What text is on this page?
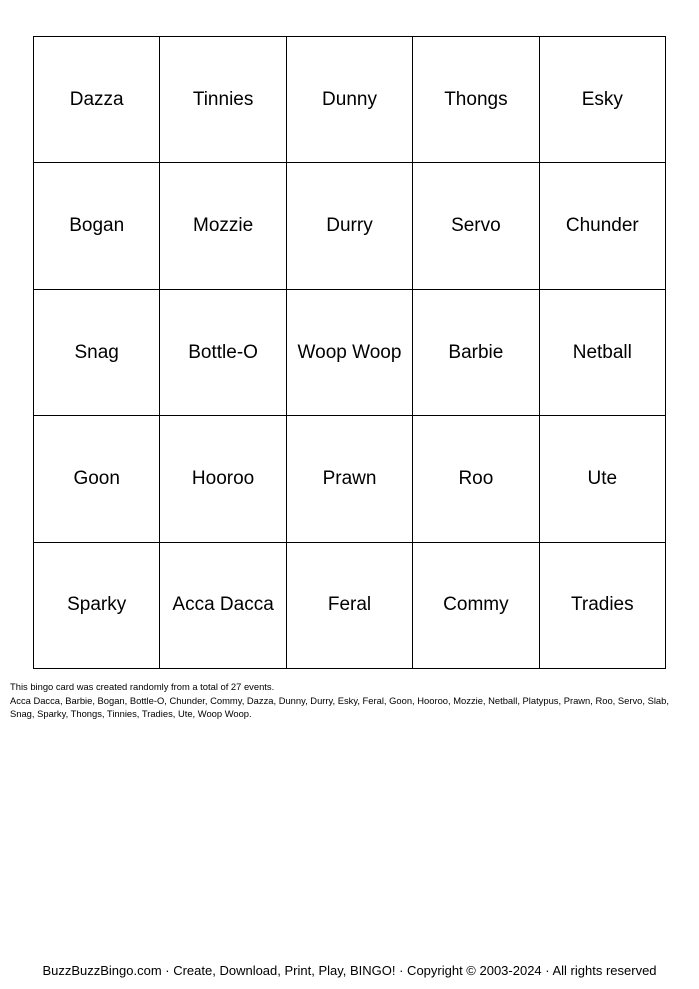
Dazza	Tinnies	Dunny	Thongs	Esky
Bogan	Mozzie	Durry	Servo	Chunder
Snag	Bottle-O	Woop Woop	Barbie	Netball
Goon	Hooroo	Prawn	Roo	Ute
Sparky	Acca Dacca	Feral	Commy	Tradies

This bingo card was created randomly from a total of 27 events.

Acca Dacca, Barbie, Bogan, Bottle-O, Chunder, Commy, Dazza, Dunny, Durry, Esky, Feral, Goon, Hooroo, Mozzie, Netball, Platypus, Prawn, Roo, Servo, Slab, Snag, Sparky, Thongs, Tinnies, Tradies, Ute, Woop Woop.

BuzzBuzzBingo.com · Create, Download, Print, Play, BINGO! · Copyright © 2003-2024 · All rights reserved
